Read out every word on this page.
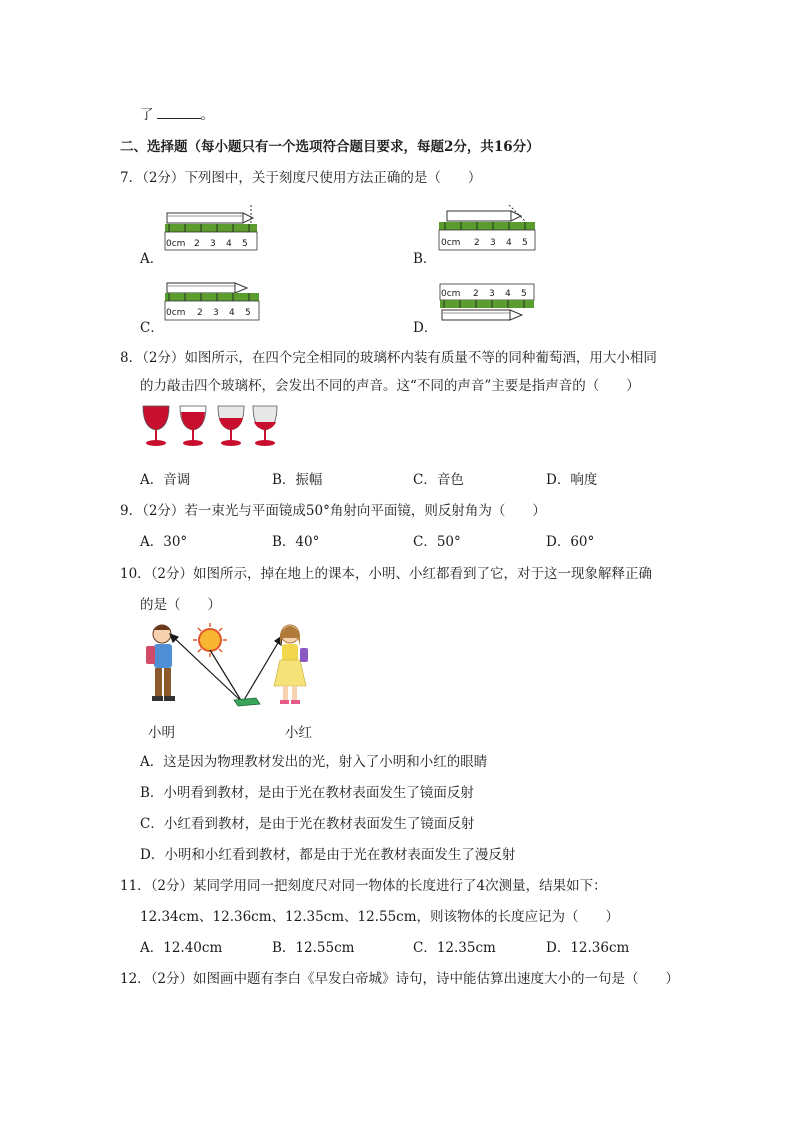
了	。
二、选择题（每小题只有一个选项符合题目要求，每题2分，共16分）
7．（2分）下列图中，关于刻度尺使用方法正确的是（　　）
A．
0cm 2 3 4 5
B．
0cm 2 3 4 5
C．
0cm 2 3 4 5
D．
0cm 2 3 4 5
8．（2分）如图所示，在四个完全相同的玻璃杯内装有质量不等的同种葡萄酒，用大小相同
的力敲击四个玻璃杯，会发出不同的声音。这“不同的声音”主要是指声音的（　　）
A．音调	B．振幅	C．音色	D．响度
9．（2分）若一束光与平面镜成50°角射向平面镜，则反射角为（　　）
A．30°	B．40°	C．50°	D．60°
10．（2分）如图所示，掉在地上的课本，小明、小红都看到了它，对于这一现象解释正确
的是（　　）
小明	小红
A．这是因为物理教材发出的光，射入了小明和小红的眼睛
B．小明看到教材，是由于光在教材表面发生了镜面反射
C．小红看到教材，是由于光在教材表面发生了镜面反射
D．小明和小红看到教材，都是由于光在教材表面发生了漫反射
11．（2分）某同学用同一把刻度尺对同一物体的长度进行了4次测量，结果如下：
12.34cm、12.36cm、12.35cm、12.55cm，则该物体的长度应记为（　　）
A．12.40cm	B．12.55cm	C．12.35cm	D．12.36cm
12．（2分）如图画中题有李白《早发白帝城》诗句，诗中能估算出速度大小的一句是（　　）
